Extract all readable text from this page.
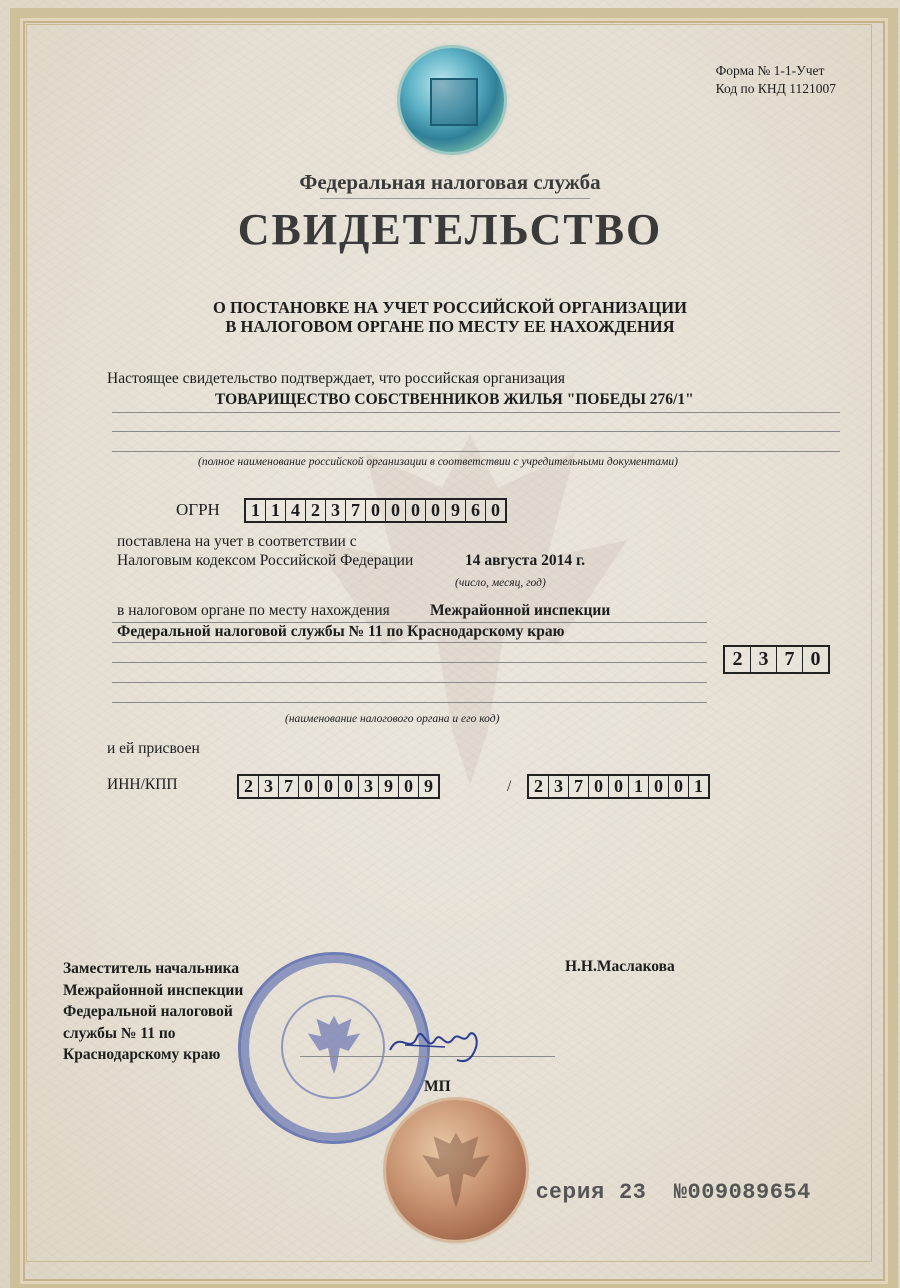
Форма № 1-1-Учет
Код по КНД 1121007
Федеральная налоговая служба
СВИДЕТЕЛЬСТВО
О ПОСТАНОВКЕ НА УЧЕТ РОССИЙСКОЙ ОРГАНИЗАЦИИ
В НАЛОГОВОМ ОРГАНЕ ПО МЕСТУ ЕЕ НАХОЖДЕНИЯ
Настоящее свидетельство подтверждает, что российская организация
ТОВАРИЩЕСТВО СОБСТВЕННИКОВ ЖИЛЬЯ "ПОБЕДЫ 276/1"
(полное наименование российской организации в соответствии с учредительными документами)
ОГРН 1 1 4 2 3 7 0 0 0 0 9 6 0
поставлена на учет в соответствии с
Налоговым кодексом Российской Федерации	14 августа 2014 г.
(число, месяц, год)
в налоговом органе по месту нахождения	Межрайонной инспекции
Федеральной налоговой службы № 11 по Краснодарскому краю
2 3 7 0
(наименование налогового органа и его код)
и ей присвоен
ИНН/КПП	2 3 7 0 0 0 3 9 0 9	/ 2 3 7 0 0 1 0 0 1
Заместитель начальника
Межрайонной инспекции
Федеральной налоговой
службы № 11 по
Краснодарскому краю
Н.Н.Маслакова
МП
серия 23 №009089654
